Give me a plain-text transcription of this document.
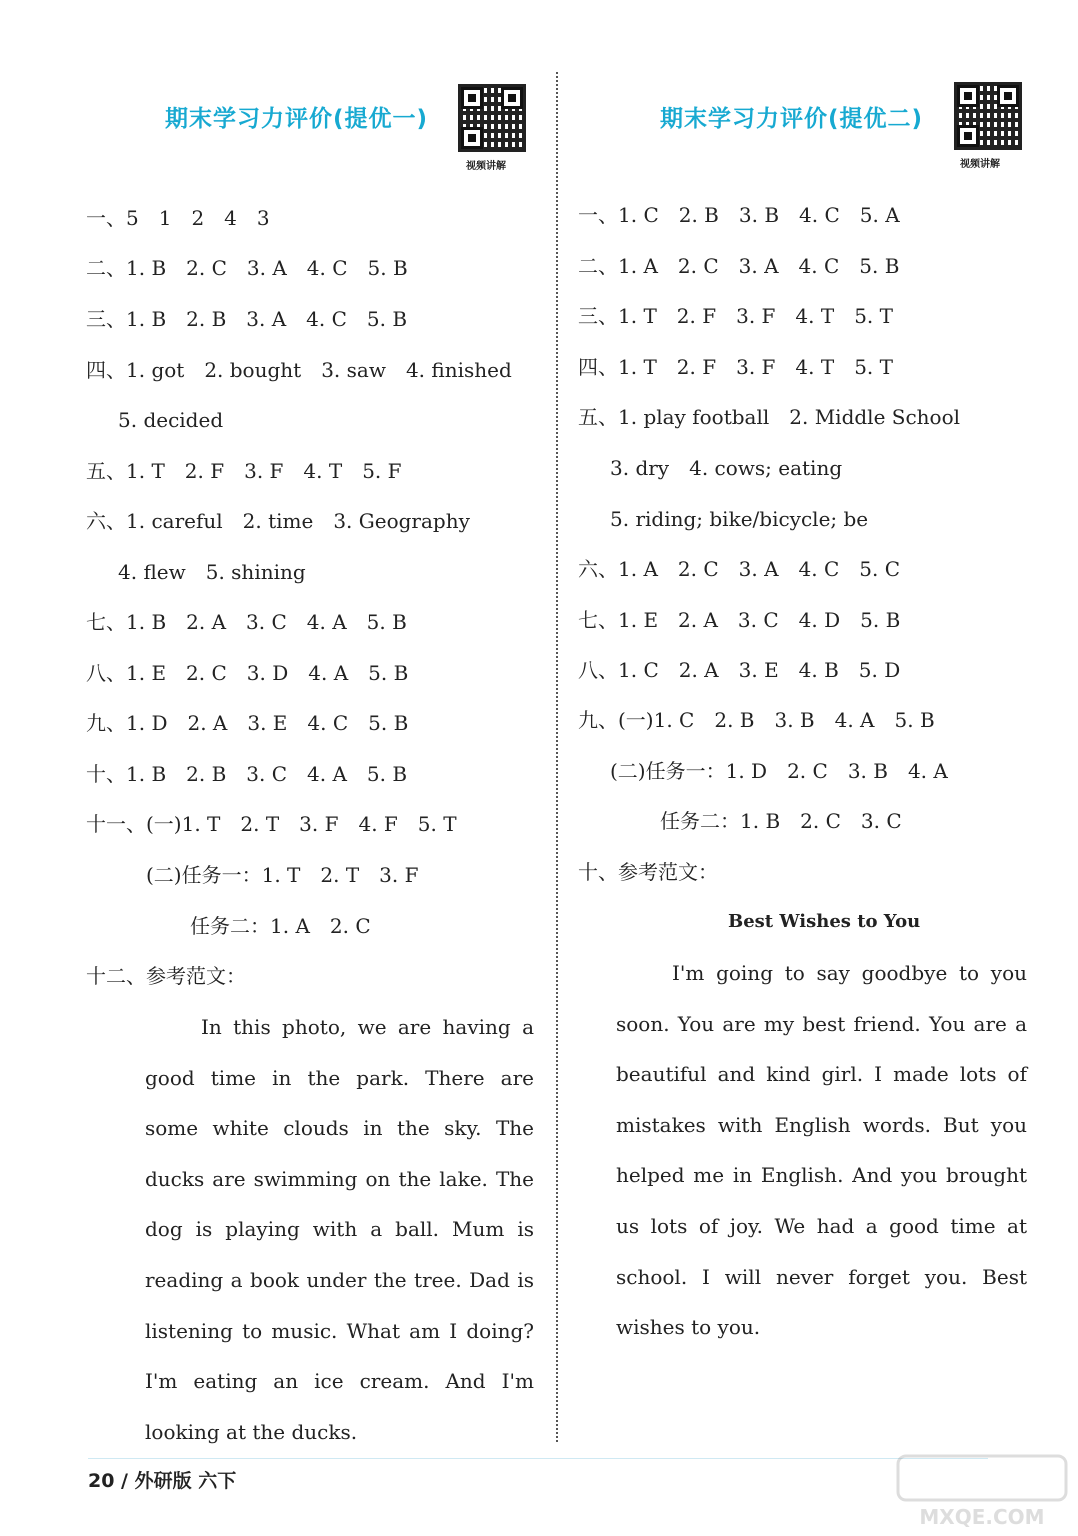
期末学习力评价(提优一)
视频讲解
一、5　1　2　4　3
二、1. B　2. C　3. A　4. C　5. B
三、1. B　2. B　3. A　4. C　5. B
四、1. got　2. bought　3. saw　4. finished
5. decided
五、1. T　2. F　3. F　4. T　5. F
六、1. careful　2. time　3. Geography
4. flew　5. shining
七、1. B　2. A　3. C　4. A　5. B
八、1. E　2. C　3. D　4. A　5. B
九、1. D　2. A　3. E　4. C　5. B
十、1. B　2. B　3. C　4. A　5. B
十一、(一)1. T　2. T　3. F　4. F　5. T
(二)任务一：1. T　2. T　3. F
任务二：1. A　2. C
十二、参考范文：
In this photo, we are having a good time in the park. There are some white clouds in the sky. The ducks are swimming on the lake. The dog is playing with a ball. Mum is reading a book under the tree. Dad is listening to music. What am I doing? I'm eating an ice cream. And I'm looking at the ducks.
期末学习力评价(提优二)
视频讲解
一、1. C　2. B　3. B　4. C　5. A
二、1. A　2. C　3. A　4. C　5. B
三、1. T　2. F　3. F　4. T　5. T
四、1. T　2. F　3. F　4. T　5. T
五、1. play football　2. Middle School
3. dry　4. cows; eating
5. riding; bike/bicycle; be
六、1. A　2. C　3. A　4. C　5. C
七、1. E　2. A　3. C　4. D　5. B
八、1. C　2. A　3. E　4. B　5. D
九、(一)1. C　2. B　3. B　4. A　5. B
(二)任务一：1. D　2. C　3. B　4. A
任务二：1. B　2. C　3. C
十、参考范文：
Best Wishes to You
I'm going to say goodbye to you soon. You are my best friend. You are a beautiful and kind girl. I made lots of mistakes with English words. But you helped me in English. And you brought us lots of joy. We had a good time at school. I will never forget you. Best wishes to you.
20 / 外研版 六下
MXQE.COM
